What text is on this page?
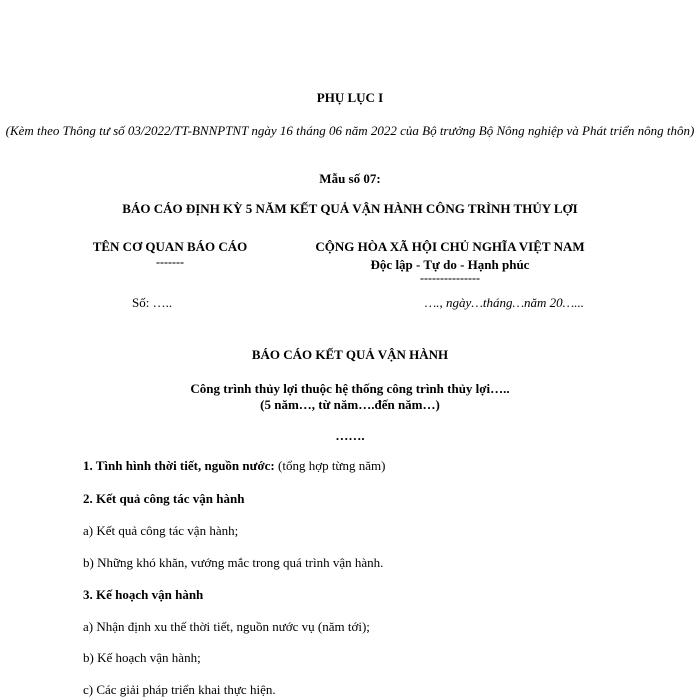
PHỤ LỤC I
(Kèm theo Thông tư số 03/2022/TT-BNNPTNT ngày 16 tháng 06 năm 2022 của Bộ trưởng Bộ Nông nghiệp và Phát triển nông thôn)
Mẫu số 07:
BÁO CÁO ĐỊNH KỲ 5 NĂM KẾT QUẢ VẬN HÀNH CÔNG TRÌNH THỦY LỢI
TÊN CƠ QUAN BÁO CÁO
-------
CỘNG HÒA XÃ HỘI CHỦ NGHĨA VIỆT NAM
Độc lập - Tự do - Hạnh phúc
---------------
Số: …..	…., ngày…tháng…năm 20…...
BÁO CÁO KẾT QUẢ VẬN HÀNH
Công trình thủy lợi thuộc hệ thống công trình thủy lợi…..
(5 năm…, từ năm….đến năm…)
…….
1. Tình hình thời tiết, nguồn nước: (tổng hợp từng năm)
2. Kết quả công tác vận hành
a) Kết quả công tác vận hành;
b) Những khó khăn, vướng mắc trong quá trình vận hành.
3. Kế hoạch vận hành
a) Nhận định xu thế thời tiết, nguồn nước vụ (năm tới);
b) Kế hoạch vận hành;
c) Các giải pháp triển khai thực hiện.
